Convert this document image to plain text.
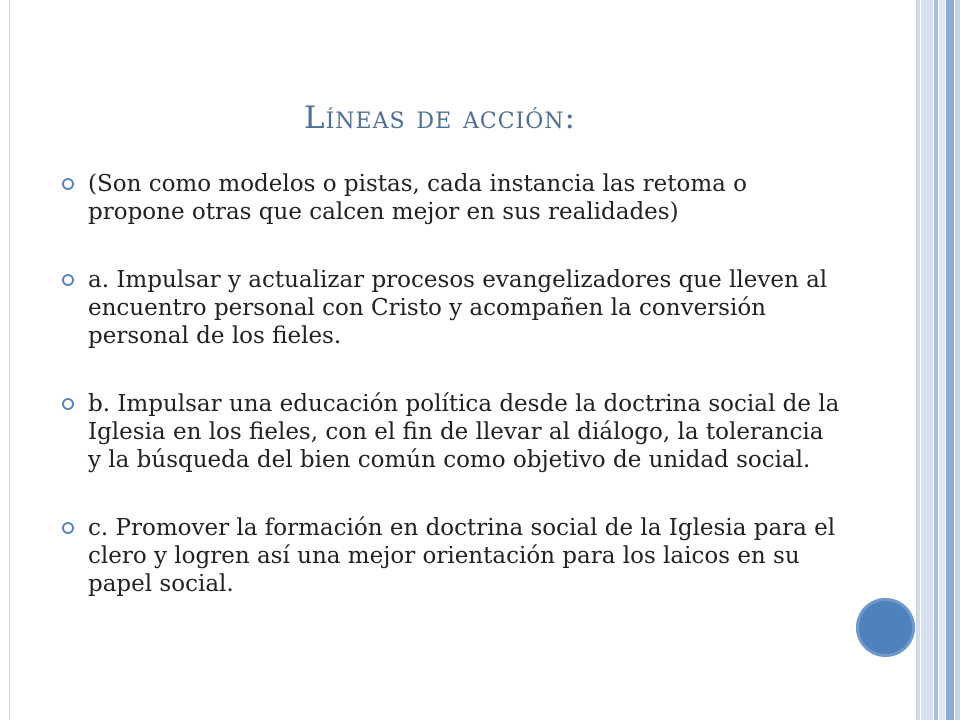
Líneas de acción:
(Son como modelos o pistas, cada instancia las retoma o propone otras que calcen mejor en sus realidades)
a. Impulsar y actualizar procesos evangelizadores que lleven al encuentro personal con Cristo y acompañen la conversión personal de los fieles.
b. Impulsar una educación política desde la doctrina social de la Iglesia en los fieles, con el fin de llevar al diálogo, la tolerancia y la búsqueda del bien común como objetivo de unidad social.
c. Promover la formación en doctrina social de la Iglesia para el clero y logren así una mejor orientación para los laicos en su papel social.
